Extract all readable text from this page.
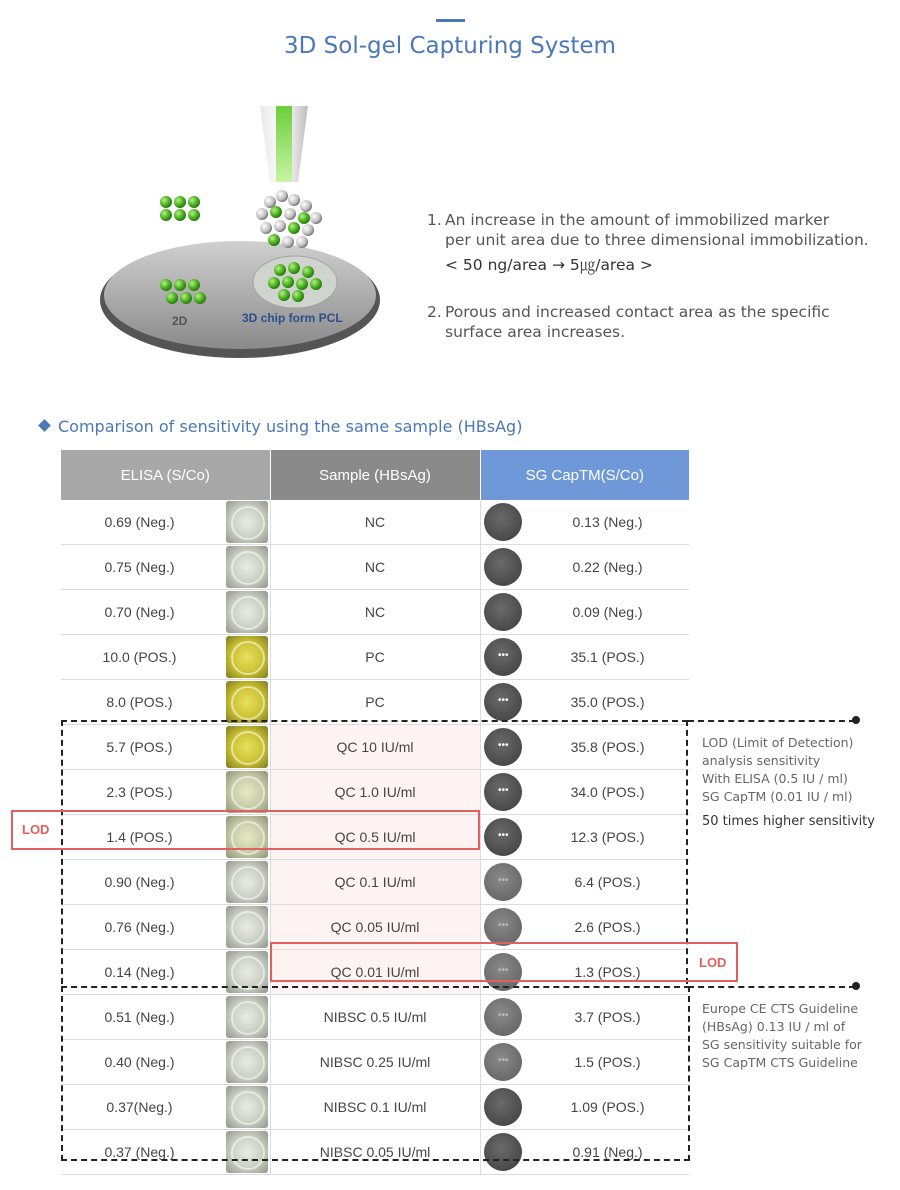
3D Sol-gel Capturing System
2D	3D chip form PCL
1. An increase in the amount of immobilized marker
per unit area due to three dimensional immobilization.
< 50 ng/area → 5㎍/area >
2. Porous and increased contact area as the specific
surface area increases.
Comparison of sensitivity using the same sample (HBsAg)
ELISA (S/Co)		Sample (HBsAg)	SG CapTM(S/Co)	
0.69 (Neg.)		NC		0.13 (Neg.)
0.75 (Neg.)		NC		0.22 (Neg.)
0.70 (Neg.)		NC		0.09 (Neg.)
10.0 (POS.)		PC	•••	35.1 (POS.)
8.0 (POS.)		PC	•••	35.0 (POS.)
5.7 (POS.)		QC 10 IU/ml	•••	35.8 (POS.)
2.3 (POS.)		QC 1.0 IU/ml	•••	34.0 (POS.)
1.4 (POS.)		QC 0.5 IU/ml	•••	12.3 (POS.)
0.90 (Neg.)		QC 0.1 IU/ml	•••	6.4 (POS.)
0.76 (Neg.)		QC 0.05 IU/ml	•••	2.6 (POS.)
0.14 (Neg.)		QC 0.01 IU/ml	•••	1.3 (POS.)
0.51 (Neg.)		NIBSC 0.5 IU/ml	•••	3.7 (POS.)
0.40 (Neg.)		NIBSC 0.25 IU/ml	•••	1.5 (POS.)
0.37(Neg.)		NIBSC 0.1 IU/ml		1.09 (POS.)
0.37 (Neg.)		NIBSC 0.05 IU/ml		0.91 (Neg.)
LOD
LOD
LOD (Limit of Detection)
analysis sensitivity
With ELISA (0.5 IU / ml)
SG CapTM (0.01 IU / ml)
50 times higher sensitivity
Europe CE CTS Guideline
(HBsAg) 0.13 IU / ml of
SG sensitivity suitable for
SG CapTM CTS Guideline
